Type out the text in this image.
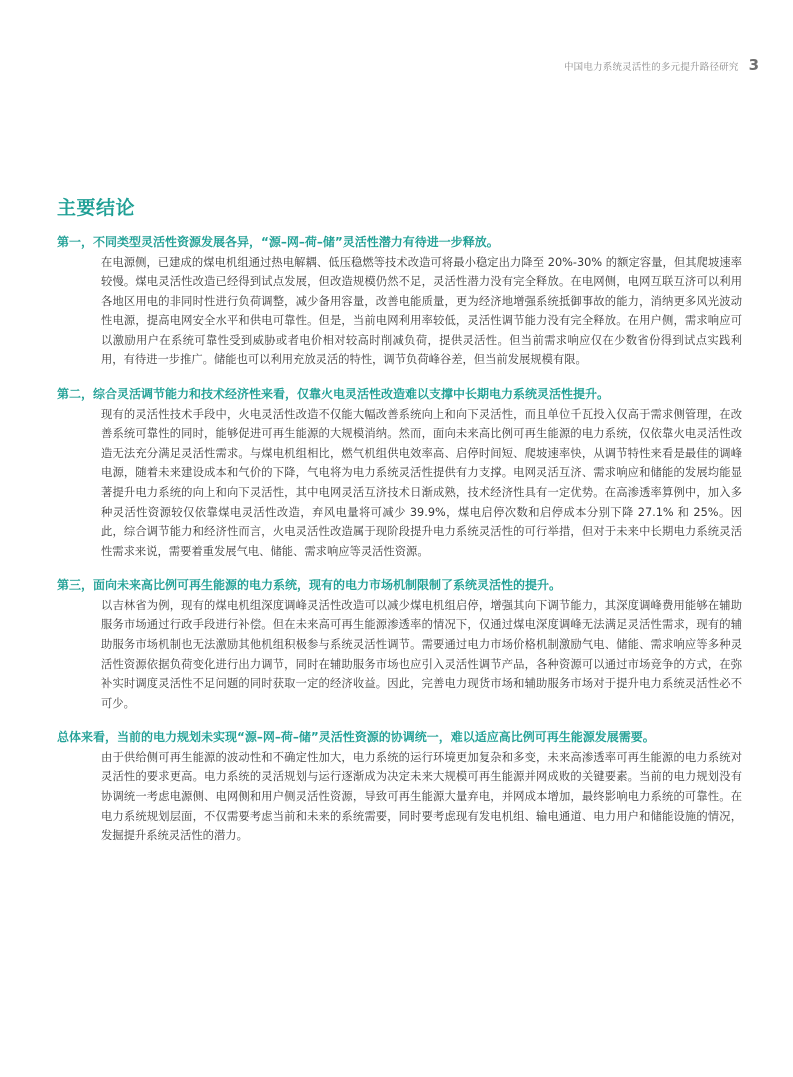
中国电力系统灵活性的多元提升路径研究 3
主要结论

第一，不同类型灵活性资源发展各异，“源–网–荷–储”灵活性潜力有待进一步释放。

在电源侧，已建成的煤电机组通过热电解耦、低压稳燃等技术改造可将最小稳定出力降至 20%-30% 的额定容量，但其爬坡速率较慢。煤电灵活性改造已经得到试点发展，但改造规模仍然不足，灵活性潜力没有完全释放。在电网侧，电网互联互济可以利用各地区用电的非同时性进行负荷调整，减少备用容量，改善电能质量，更为经济地增强系统抵御事故的能力，消纳更多风光波动性电源，提高电网安全水平和供电可靠性。但是，当前电网利用率较低，灵活性调节能力没有完全释放。在用户侧，需求响应可以激励用户在系统可靠性受到威胁或者电价相对较高时削减负荷，提供灵活性。但当前需求响应仅在少数省份得到试点实践利用，有待进一步推广。储能也可以利用充放灵活的特性，调节负荷峰谷差，但当前发展规模有限。

第二，综合灵活调节能力和技术经济性来看，仅靠火电灵活性改造难以支撑中长期电力系统灵活性提升。

现有的灵活性技术手段中，火电灵活性改造不仅能大幅改善系统向上和向下灵活性，而且单位千瓦投入仅高于需求侧管理，在改善系统可靠性的同时，能够促进可再生能源的大规模消纳。然而，面向未来高比例可再生能源的电力系统，仅依靠火电灵活性改造无法充分满足灵活性需求。与煤电机组相比，燃气机组供电效率高、启停时间短、爬坡速率快，从调节特性来看是最佳的调峰电源，随着未来建设成本和气价的下降，气电将为电力系统灵活性提供有力支撑。电网灵活互济、需求响应和储能的发展均能显著提升电力系统的向上和向下灵活性，其中电网灵活互济技术日渐成熟，技术经济性具有一定优势。在高渗透率算例中，加入多种灵活性资源较仅依靠煤电灵活性改造，弃风电量将可减少 39.9%，煤电启停次数和启停成本分别下降 27.1% 和 25%。因此，综合调节能力和经济性而言，火电灵活性改造属于现阶段提升电力系统灵活性的可行举措，但对于未来中长期电力系统灵活性需求来说，需要着重发展气电、储能、需求响应等灵活性资源。

第三，面向未来高比例可再生能源的电力系统，现有的电力市场机制限制了系统灵活性的提升。

以吉林省为例，现有的煤电机组深度调峰灵活性改造可以减少煤电机组启停，增强其向下调节能力，其深度调峰费用能够在辅助服务市场通过行政手段进行补偿。但在未来高可再生能源渗透率的情况下，仅通过煤电深度调峰无法满足灵活性需求，现有的辅助服务市场机制也无法激励其他机组积极参与系统灵活性调节。需要通过电力市场价格机制激励气电、储能、需求响应等多种灵活性资源依据负荷变化进行出力调节，同时在辅助服务市场也应引入灵活性调节产品，各种资源可以通过市场竞争的方式，在弥补实时调度灵活性不足问题的同时获取一定的经济收益。因此，完善电力现货市场和辅助服务市场对于提升电力系统灵活性必不可少。

总体来看，当前的电力规划未实现“源–网–荷–储”灵活性资源的协调统一，难以适应高比例可再生能源发展需要。

由于供给侧可再生能源的波动性和不确定性加大，电力系统的运行环境更加复杂和多变，未来高渗透率可再生能源的电力系统对灵活性的要求更高。电力系统的灵活规划与运行逐渐成为决定未来大规模可再生能源并网成败的关键要素。当前的电力规划没有协调统一考虑电源侧、电网侧和用户侧灵活性资源，导致可再生能源大量弃电，并网成本增加，最终影响电力系统的可靠性。在电力系统规划层面，不仅需要考虑当前和未来的系统需要，同时要考虑现有发电机组、输电通道、电力用户和储能设施的情况，发掘提升系统灵活性的潜力。
